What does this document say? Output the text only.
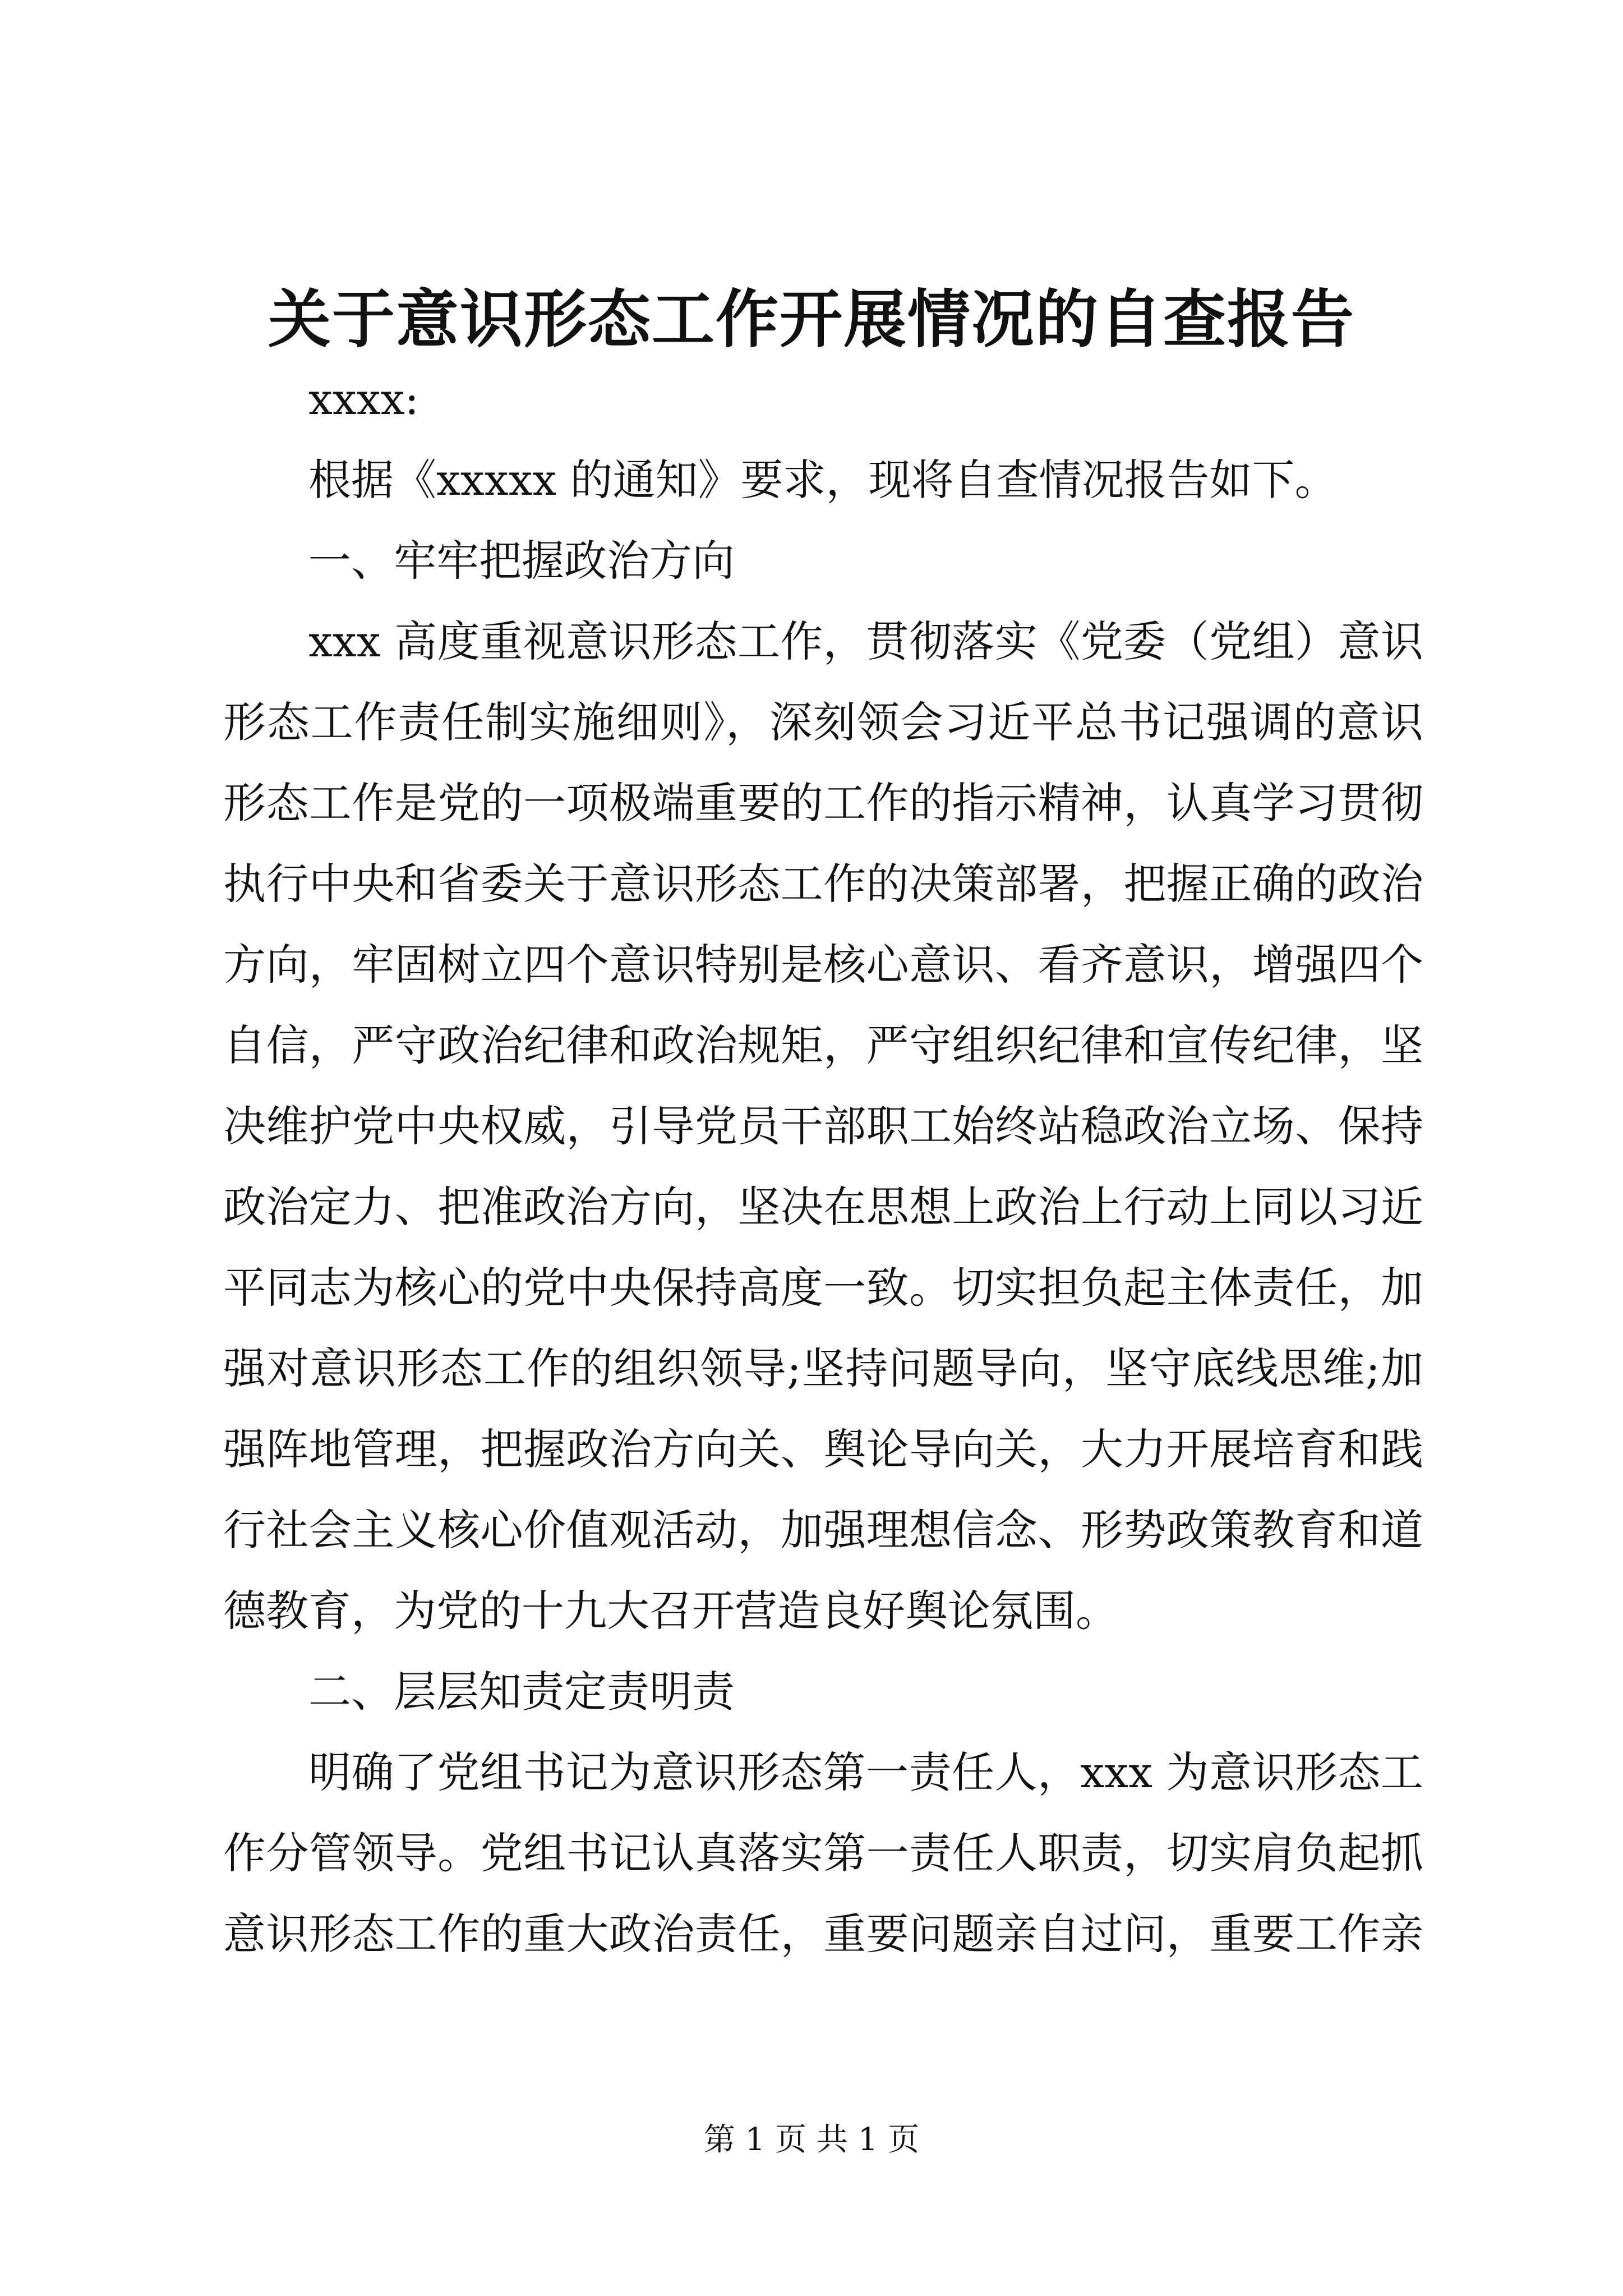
关于意识形态工作开展情况的自查报告
xxxx:
根据《xxxxx 的通知》要求，现将自查情况报告如下。
一、牢牢把握政治方向
xxx 高度重视意识形态工作，贯彻落实《党委（党组）意识
形态工作责任制实施细则》，深刻领会习近平总书记强调的意识
形态工作是党的一项极端重要的工作的指示精神，认真学习贯彻
执行中央和省委关于意识形态工作的决策部署，把握正确的政治
方向，牢固树立四个意识特别是核心意识、看齐意识，增强四个
自信，严守政治纪律和政治规矩，严守组织纪律和宣传纪律，坚
决维护党中央权威，引导党员干部职工始终站稳政治立场、保持
政治定力、把准政治方向，坚决在思想上政治上行动上同以习近
平同志为核心的党中央保持高度一致。切实担负起主体责任，加
强对意识形态工作的组织领导;坚持问题导向，坚守底线思维;加
强阵地管理，把握政治方向关、舆论导向关，大力开展培育和践
行社会主义核心价值观活动，加强理想信念、形势政策教育和道
德教育，为党的十九大召开营造良好舆论氛围。
二、层层知责定责明责
明确了党组书记为意识形态第一责任人，xxx 为意识形态工
作分管领导。党组书记认真落实第一责任人职责，切实肩负起抓
意识形态工作的重大政治责任，重要问题亲自过问，重要工作亲
第 1 页 共 1 页
